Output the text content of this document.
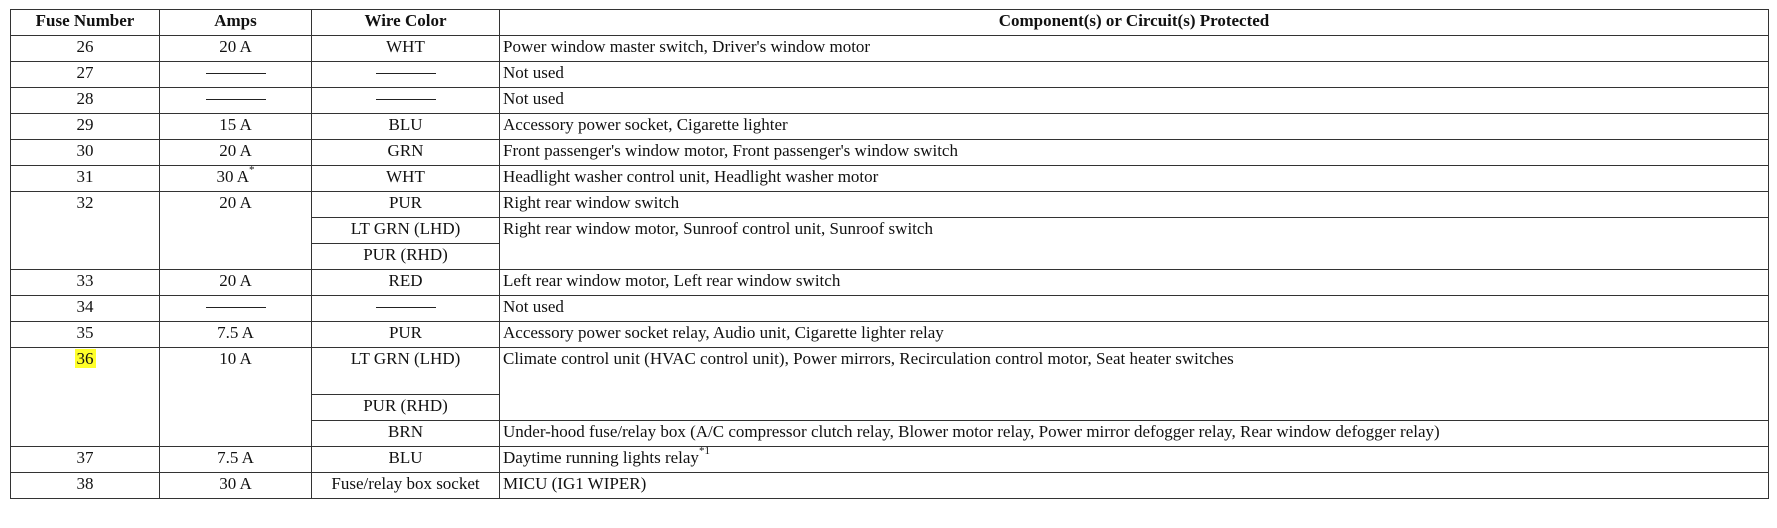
Fuse Number	Amps	Wire Color	Component(s) or Circuit(s) Protected
26	20 A	WHT	Power window master switch, Driver's window motor
27			Not used
28			Not used
29	15 A	BLU	Accessory power socket, Cigarette lighter
30	20 A	GRN	Front passenger's window motor, Front passenger's window switch
31	30 A*	WHT	Headlight washer control unit, Headlight washer motor
32	20 A	PUR	Right rear window switch
		LT GRN (LHD)	Right rear window motor, Sunroof control unit, Sunroof switch
		PUR (RHD)	
33	20 A	RED	Left rear window motor, Left rear window switch
34			Not used
35	7.5 A	PUR	Accessory power socket relay, Audio unit, Cigarette lighter relay
36	10 A	LT GRN (LHD)	Climate control unit (HVAC control unit), Power mirrors, Recirculation control motor, Seat heater switches
		PUR (RHD)	
		BRN	Under-hood fuse/relay box (A/C compressor clutch relay, Blower motor relay, Power mirror defogger relay, Rear window defogger relay)
37	7.5 A	BLU	Daytime running lights relay$^{*1}$
38	30 A	Fuse/relay box socket	MICU (IG1 WIPER)
